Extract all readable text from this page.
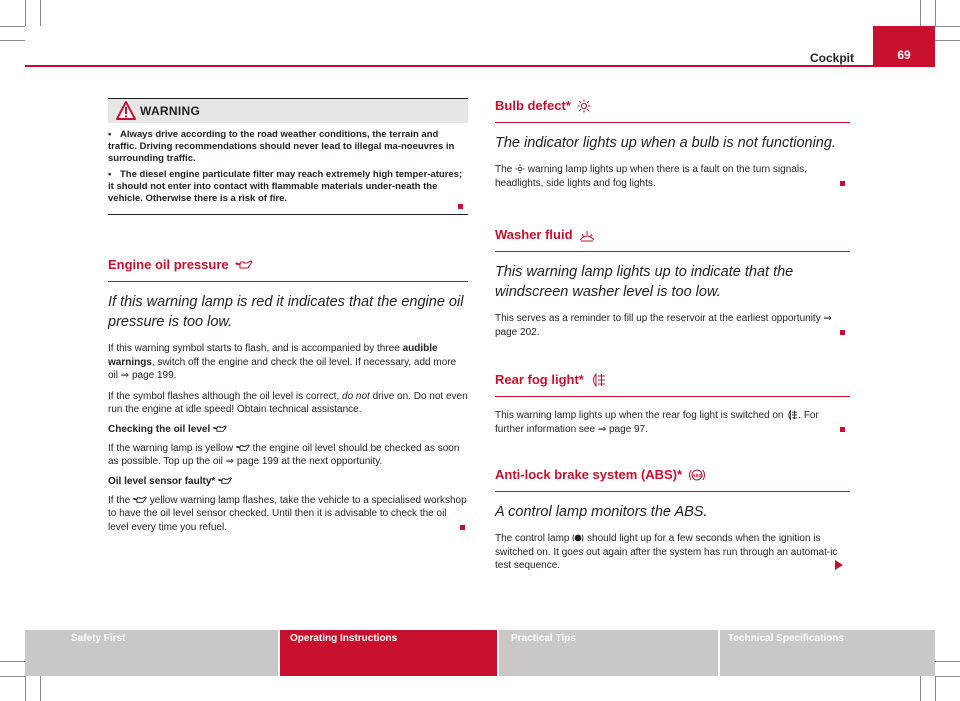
Cockpit	69
WARNING

• Always drive according to the road weather conditions, the terrain and traffic. Driving recommendations should never lead to illegal ma-noeuvres in surrounding traffic.

• The diesel engine particulate filter may reach extremely high temper-atures; it should not enter into contact with flammable materials under-neath the vehicle. Otherwise there is a risk of fire.

Engine oil pressure
If this warning lamp is red it indicates that the engine oil pressure is too low.

If this warning symbol starts to flash, and is accompanied by three audible warnings, switch off the engine and check the oil level. If necessary, add more oil ⇒ page 199.

If the symbol flashes although the oil level is correct, do not drive on. Do not even run the engine at idle speed! Obtain technical assistance.

Checking the oil level

If the warning lamp is yellow  the engine oil level should be checked as soon as possible. Top up the oil ⇒ page 199 at the next opportunity.

Oil level sensor faulty*

If the  yellow warning lamp flashes, take the vehicle to a specialised workshop to have the oil level sensor checked. Until then it is advisable to check the oil level every time you refuel.

Bulb defect*
The indicator lights up when a bulb is not functioning.

The  warning lamp lights up when there is a fault on the turn signals, headlights, side lights and fog lights.

Washer fluid
This warning lamp lights up to indicate that the windscreen washer level is too low.

This serves as a reminder to fill up the reservoir at the earliest opportunity ⇒ page 202.

Rear fog light*

This warning lamp lights up when the rear fog light is switched on . For further information see ⇒ page 97.

Anti-lock brake system (ABS)* ABS
A control lamp monitors the ABS.

The control lamp  should light up for a few seconds when the ignition is switched on. It goes out again after the system has run through an automat-ic test sequence.

Safety First	Operating Instructions	Practical Tips	Technical Specifications
